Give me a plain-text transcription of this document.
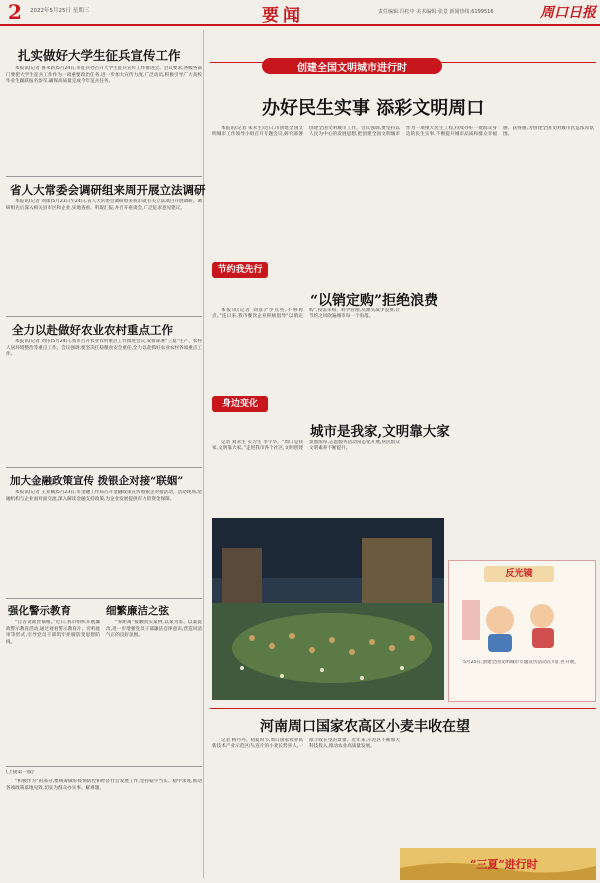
2 2022年5月25日 星期三	要闻	责任编辑:冯松中 美术编辑:张景 新闻热线:6199516	周口日报
扎实做好大学生征兵宣传工作
本报讯(记者 鲁永新)5月24日,市征兵办召开大学生征兵宣传工作推进会。会议要求,各级各部门要把大学生征兵工作作为一项重要政治任务,进一步加大宣传力度,广泛动员,积极引导广大高校毕业生踊跃报名参军,确保高质量完成今年征兵任务。
省人大常委会调研组来周开展立法调研
本报讯(记者 刘康)5月23日至24日,省人大常委会调研组来我市就有关立法项目开展调研。调研组先后深入相关县市区和企业,实地查看、听取汇报,并召开座谈会,广泛征求意见建议。
全力以赴做好农业农村重点工作
本报讯(记者 刘伟)5月24日,我市召开农业农村重点工作推进会议,安排部署“三夏”生产、农村人居环境整治等重点工作。会议强调,要坚决扛稳粮食安全重任,全力以赴抓好农业农村各项重点工作。
加大金融政策宣传 拨银企对接“联姻”
本报讯(记者 王亚楠)5月23日,市金融工作局召开金融政策宣传暨银企对接活动。活动现场,金融机构与企业面对面交流,深入解读金融支持政策,为企业发展提供有力的资金保障。
强化警示教育	细繁廉洁之弦
“自古贪欲皆祸根。”近日,我市组织开展廉政警示教育活动,通过观看警示教育片、旁听庭审等形式,引导党员干部筑牢拒腐防变思想防线。
“零距离”接触真实案例,以案为鉴、以案促改,进一步增强党员干部廉洁自律意识,营造风清气正的良好氛围。
(上接第一版)
“积极作为”的部分,要统筹做好疫情防控和经济社会发展工作,坚持稳字当头、稳中求进,推动各项政策落地见效,切实为群众办实事、解难题。
创建全国文明城市进行时
办好民生实事 添彩文明周口
本报讯(记者 朱永生)近日,市创建全国文明城市工作领导小组召开专题会议,研究部署创建全国文明城市工作。会议强调,要坚持以人民为中心的发展思想,把创建全国文明城市作为一项重大民生工程,持续办好一批群众身边的民生实事,不断提升城市品质和群众幸福感、获得感,为创建全国文明城市营造浓厚氛围。
节约我先行
“以销定购”拒绝浪费
本报讯(记者 刘彦)“少点些,不够再点。”连日来,我市餐饮企业积极倡导“以销定购”,按需采购、科学管理,从源头减少浪费,让节约之风吹遍城市每一个角落。
身边变化
城市是我家,文明靠大家
记者 刘永生 实习生 李宇华。“周口是我家,文明靠大家。”走进我市各个社区,文明创建氛围浓厚,志愿服务活动常态化开展,居民群众文明素养不断提升。
反光镜
5月25日,创建全国文明城市专题宣传活动在川汇区开展。
河南周口国家农高区小麦丰收在望
记者 杨丹丹。初夏时节,周口国家农业高新技术产业示范区内,连片的小麦长势喜人,一派丰收在望的景象。近年来,示范区不断加大科技投入,推动农业高质量发展。
“三夏”进行时
